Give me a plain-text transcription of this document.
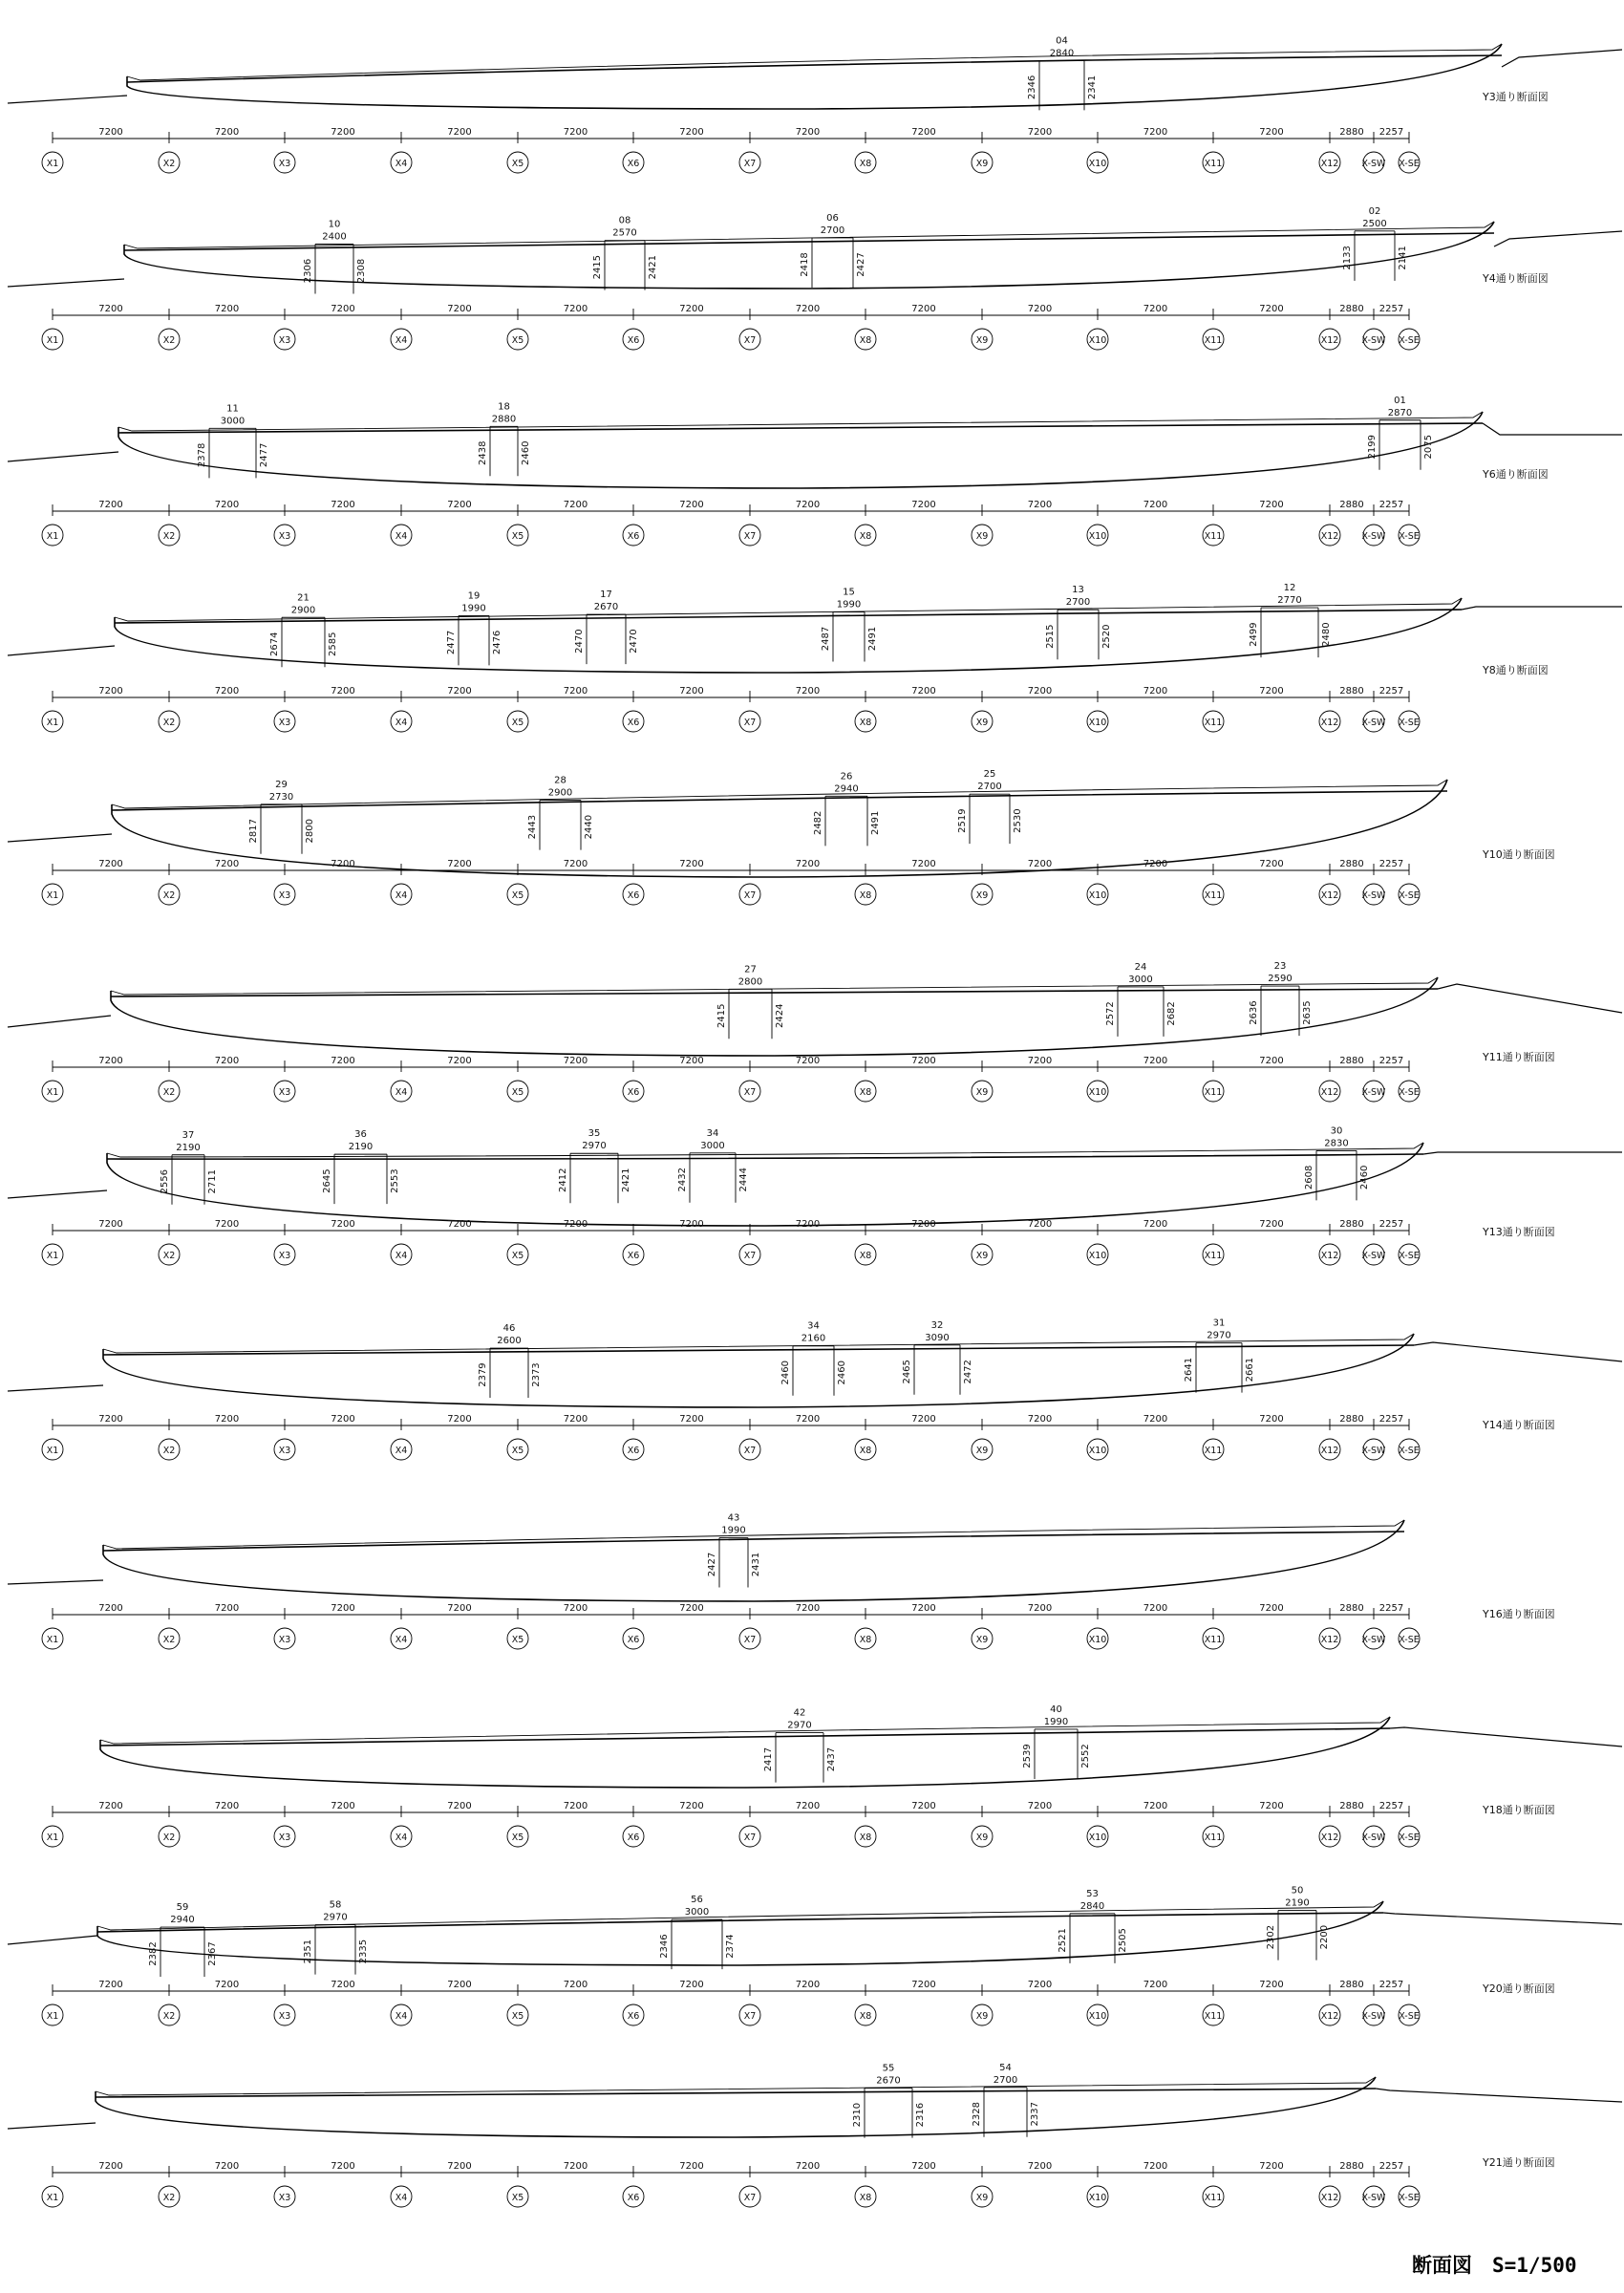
Y3通り断面図
04
2840
2346	2341
X1	X2	X3	X4	X5	X6	X7	X8	X9	X10	X11	X12	X-SW X-SE
7200	7200	7200	7200	7200	7200	7200	7200	7200	7200	7200	2880 2257
Y4通り断面図
10
2400
2306	2308
08
2570
2415	2421
06
2700
2418	2427
02
2500
2133	2141
X1	X2	X3	X4	X5	X6	X7	X8	X9	X10	X11	X12	X-SW X-SE
7200	7200	7200	7200	7200	7200	7200	7200	7200	7200	7200	2880 2257
Y6通り断面図
11
3000
2378	2477
18
2880
2438	2460
01
2870
2199	2075
X1	X2	X3	X4	X5	X6	X7	X8	X9	X10	X11	X12	X-SW X-SE
7200	7200	7200	7200	7200	7200	7200	7200	7200	7200	7200	2880 2257
Y8通り断面図
21
2900
2674	2585
19
1990
2477	2476
17
2670
2470	2470
15
1990
2487	2491
13
2700
2515	2520
12
2770
2499	2480
X1	X2	X3	X4	X5	X6	X7	X8	X9	X10	X11	X12	X-SW X-SE
7200	7200	7200	7200	7200	7200	7200	7200	7200	7200	7200	2880 2257
Y10通り断面図
29
2730
2817	2800
28
2900
2443	2440
26
2940
2482	2491
25
2700
2519	2530
X1	X2	X3	X4	X5	X6	X7	X8	X9	X10	X11	X12	X-SW X-SE
7200	7200	7200	7200	7200	7200	7200	7200	7200	7200	7200	2880 2257
Y11通り断面図
27
2800
2415	2424
24
3000
2572	2682
23
2590
2636	2635
X1	X2	X3	X4	X5	X6	X7	X8	X9	X10	X11	X12	X-SW X-SE
7200	7200	7200	7200	7200	7200	7200	7200	7200	7200	7200	2880 2257
Y13通り断面図
37
2190
2556	2711
36
2190
2645	2553
35
2970
2412	2421
34
3000
2432	2444
30
2830
2608	2460
X1	X2	X3	X4	X5	X6	X7	X8	X9	X10	X11	X12	X-SW X-SE
7200	7200	7200	7200	7200	7200	7200	7200	7200	7200	7200	2880 2257
Y14通り断面図
46
2600
2379	2373
34
2160
2460	2460
32
3090
2465	2472
31
2970
2641	2661
X1	X2	X3	X4	X5	X6	X7	X8	X9	X10	X11	X12	X-SW X-SE
7200	7200	7200	7200	7200	7200	7200	7200	7200	7200	7200	2880 2257
Y16通り断面図
43
1990
2427	2431
X1	X2	X3	X4	X5	X6	X7	X8	X9	X10	X11	X12	X-SW X-SE
7200	7200	7200	7200	7200	7200	7200	7200	7200	7200	7200	2880 2257
Y18通り断面図
42
2970
2417	2437
40
1990
2539	2552
X1	X2	X3	X4	X5	X6	X7	X8	X9	X10	X11	X12	X-SW X-SE
7200	7200	7200	7200	7200	7200	7200	7200	7200	7200	7200	2880 2257
Y20通り断面図
59
2940
2382	2367
58
2970
2351	2335
56
3000
2346	2374
53
2840
2521	2505
50
2190
2302	2200
X1	X2	X3	X4	X5	X6	X7	X8	X9	X10	X11	X12	X-SW X-SE
7200	7200	7200	7200	7200	7200	7200	7200	7200	7200	7200	2880 2257
Y21通り断面図
55
2670
2310	2316
54
2700
2328	2337
X1	X2	X3	X4	X5	X6	X7	X8	X9	X10	X11	X12	X-SW X-SE
7200	7200	7200	7200	7200	7200	7200	7200	7200	7200	7200	2880 2257
断面図　S=1/500
